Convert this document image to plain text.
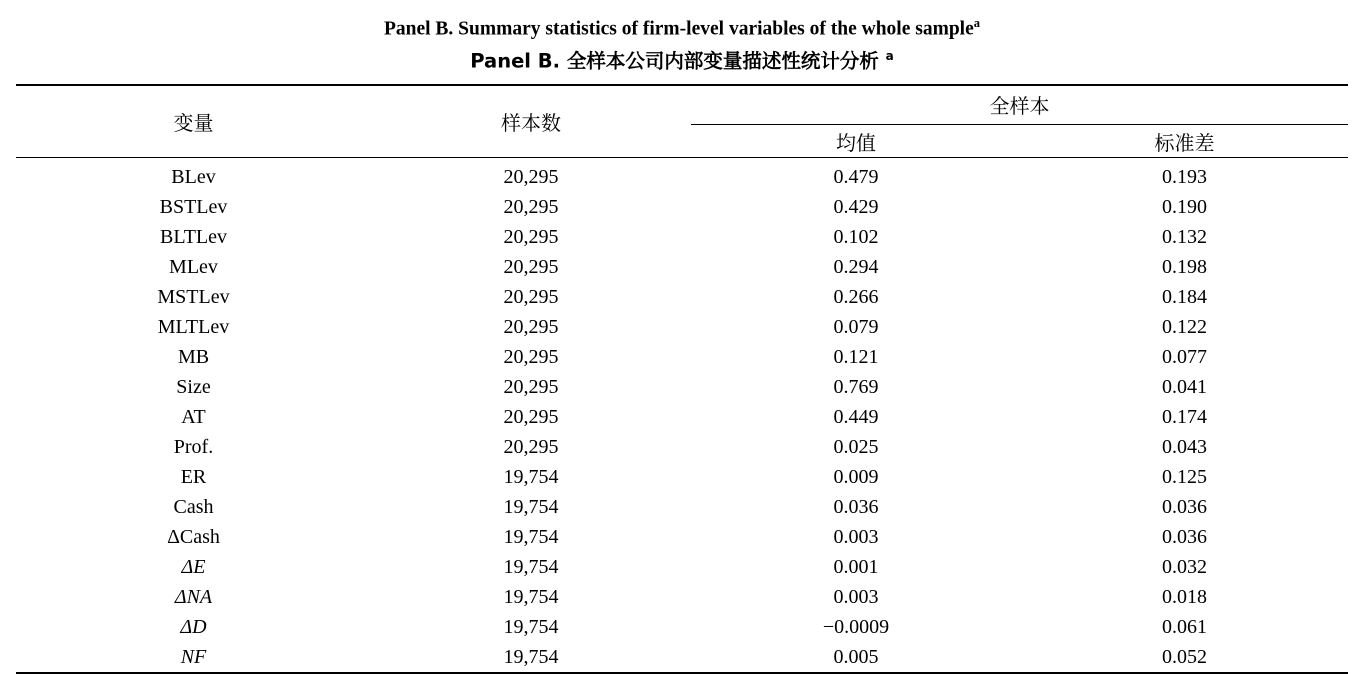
Panel B. Summary statistics of firm-level variables of the whole sample$^a$
Panel B. 全样本公司内部变量描述性统计分析 $^a$

变量	样本数	全样本	
		均值	标准差

BLev	20,295	0.479	0.193
BSTLev	20,295	0.429	0.190
BLTLev	20,295	0.102	0.132
MLev	20,295	0.294	0.198
MSTLev	20,295	0.266	0.184
MLTLev	20,295	0.079	0.122
MB	20,295	0.121	0.077
Size	20,295	0.769	0.041
AT	20,295	0.449	0.174
Prof.	20,295	0.025	0.043
ER	19,754	0.009	0.125
Cash	19,754	0.036	0.036
ΔCash	19,754	0.003	0.036
ΔE	19,754	0.001	0.032
ΔNA	19,754	0.003	0.018
ΔD	19,754	−0.0009	0.061
NF	19,754	0.005	0.052
